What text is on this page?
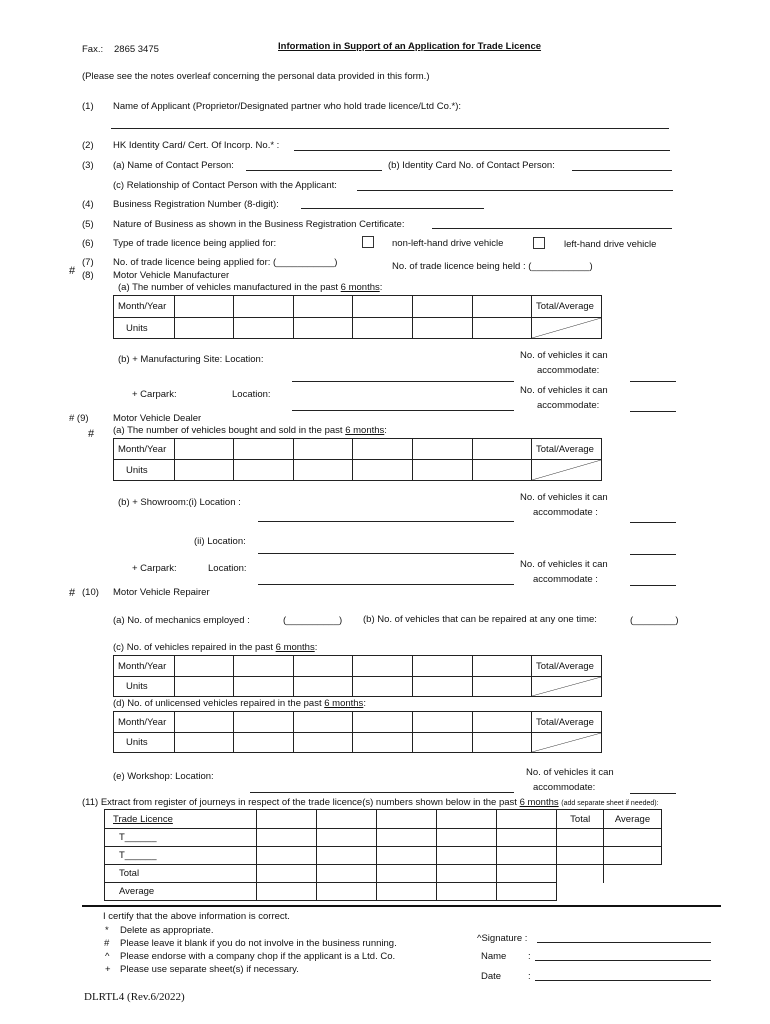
Fax.: 2865 3475	Information in Support of an Application for Trade Licence
(Please see the notes overleaf concerning the personal data provided in this form.)
(1) Name of Applicant (Proprietor/Designated partner who hold trade licence/Ltd Co.*):
(2) HK Identity Card/ Cert. Of Incorp. No.* :
(3) (a) Name of Contact Person:	(b) Identity Card No. of Contact Person:
(c) Relationship of Contact Person with the Applicant:
(4) Business Registration Number (8-digit):
(5) Nature of Business as shown in the Business Registration Certificate:
(6) Type of trade licence being applied for:	non-left-hand drive vehicle	left-hand drive vehicle
(7) No. of trade licence being applied for: (___________)	No. of trade licence being held : (___________)
# (8) Motor Vehicle Manufacturer
(a) The number of vehicles manufactured in the past 6 months:
Month/Year							Total/Average
Units							
(b) + Manufacturing Site: Location:	No. of vehicles it can
accommodate:
+ Carpark:	Location:	No. of vehicles it can
accommodate:
# (9)	Motor Vehicle Dealer
# (a) The number of vehicles bought and sold in the past 6 months:
Month/Year							Total/Average
Units							
(b) + Showroom:(i) Location :	No. of vehicles it can
accommodate :
(ii) Location:
+ Carpark:	Location:	No. of vehicles it can
accommodate :
# (10) Motor Vehicle Repairer
(a) No. of mechanics employed :	(__________) (b) No. of vehicles that can be repaired at any one time:	(________)
(c) No. of vehicles repaired in the past 6 months:
Month/Year							Total/Average
Units							
(d) No. of unlicensed vehicles repaired in the past 6 months:
Month/Year							Total/Average
Units							
(e) Workshop: Location:	No. of vehicles it can
accommodate:
(11) Extract from register of journeys in respect of the trade licence(s) numbers shown below in the past 6 months (add separate sheet if needed):
Trade Licence						Total	Average
T______							
T______							
Total							
Average							
I certify that the above information is correct.
* Delete as appropriate.
# Please leave it blank if you do not involve in the business running.
^ Please endorse with a company chop if the applicant is a Ltd. Co.
+ Please use separate sheet(s) if necessary.
^Signature :
Name :
Date	:
DLRTL4 (Rev.6/2022)
